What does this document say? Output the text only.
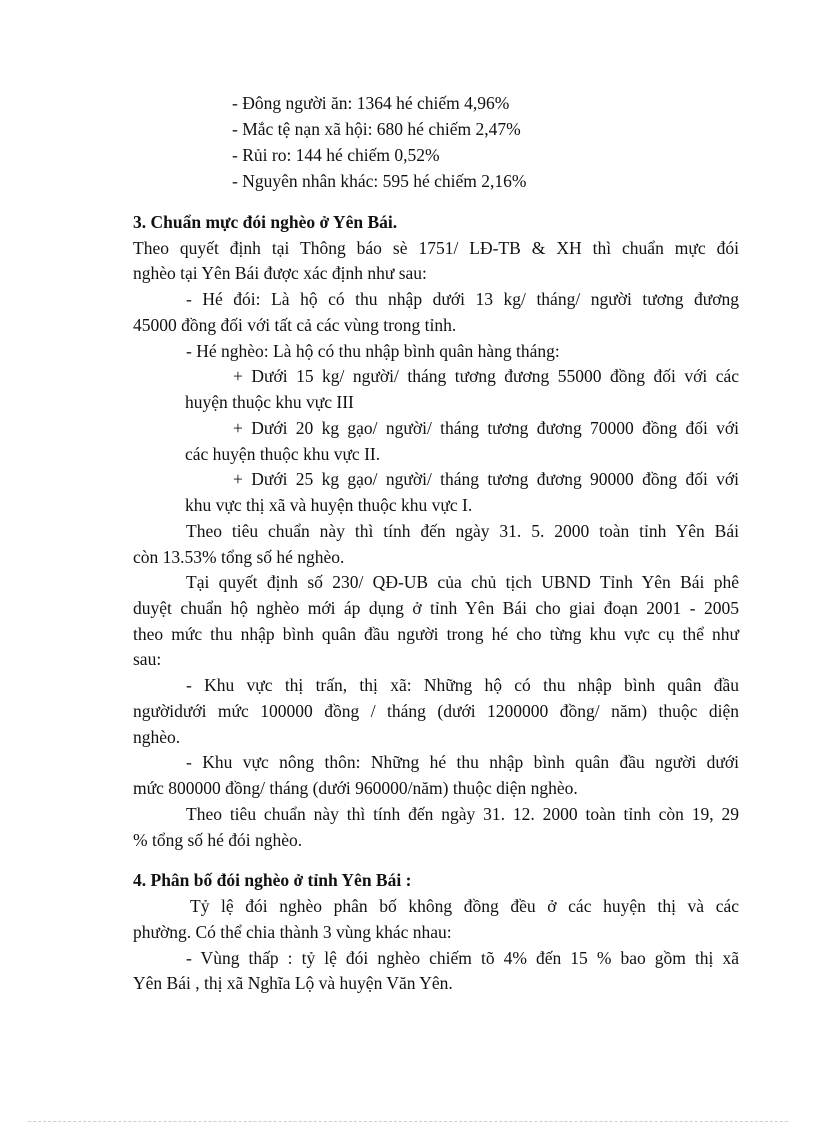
- Đông người ăn: 1364 hé chiếm 4,96%
- Mắc tệ nạn xã hội: 680 hé chiếm 2,47%
- Rủi ro: 144 hé chiếm 0,52%
- Nguyên nhân khác: 595 hé chiếm 2,16%
3. Chuẩn mực đói nghèo ở Yên Bái.
Theo quyết định tại Thông báo sè 1751/ LĐ-TB & XH thì chuẩn mực đói
nghèo tại Yên Bái được xác định như sau:
- Hé đói: Là hộ có thu nhập dưới 13 kg/ tháng/ người tương đương
45000 đồng đối với tất cả các vùng trong tỉnh.
- Hé nghèo: Là hộ có thu nhập bình quân hàng tháng:
+ Dưới 15 kg/ người/ tháng tương đương 55000 đồng đối với các
huyện thuộc khu vực III
+ Dưới 20 kg gạo/ người/ tháng tương đương 70000 đồng đối với
các huyện thuộc khu vực II.
+ Dưới 25 kg gạo/ người/ tháng tương đương 90000 đồng đối với
khu vực thị xã và huyện thuộc khu vực I.
Theo tiêu chuẩn này thì tính đến ngày 31. 5. 2000 toàn tỉnh Yên Bái
còn 13.53% tổng số hé nghèo.
Tại quyết định số 230/ QĐ-UB của chủ tịch UBND Tỉnh Yên Bái phê
duyệt chuẩn hộ nghèo mới áp dụng ở tỉnh Yên Bái cho giai đoạn 2001 - 2005
theo mức thu nhập bình quân đầu người trong hé cho từng khu vực cụ thể như
sau:
- Khu vực thị trấn, thị xã: Những hộ có thu nhập bình quân đầu
ngườidưới mức 100000 đồng / tháng (dưới 1200000 đồng/ năm) thuộc diện
nghèo.
- Khu vực nông thôn: Những hé thu nhập bình quân đầu người dưới
mức 800000 đồng/ tháng (dưới 960000/năm) thuộc diện nghèo.
Theo tiêu chuẩn này thì tính đến ngày 31. 12. 2000 toàn tỉnh còn 19, 29
% tổng số hé đói nghèo.
4. Phân bố đói nghèo ở tỉnh Yên Bái :
Tỷ lệ đói nghèo phân bố không đồng đều ở các huyện thị và các
phường. Có thể chia thành 3 vùng khác nhau:
- Vùng thấp : tỷ lệ đói nghèo chiếm tõ 4% đến 15 % bao gồm thị xã
Yên Bái , thị xã Nghĩa Lộ và huyện Văn Yên.
